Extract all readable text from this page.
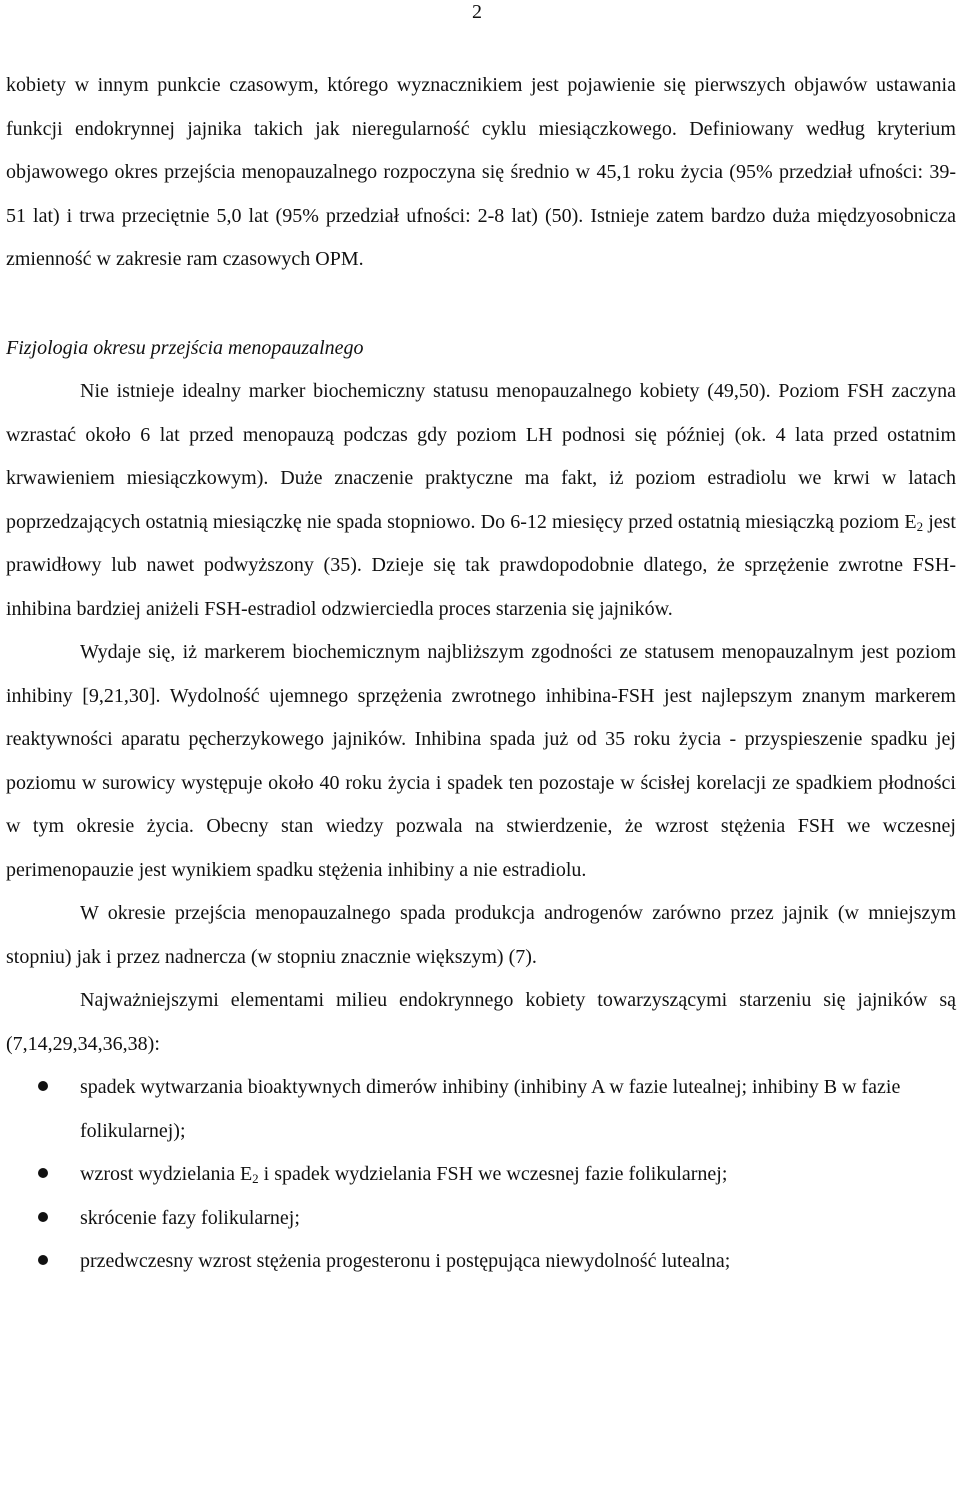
2

kobiety w innym punkcie czasowym, którego wyznacznikiem jest pojawienie się pierwszych objawów ustawania funkcji endokrynnej jajnika takich jak nieregularność cyklu miesiączkowego. Definiowany według kryterium objawowego okres przejścia menopauzalnego rozpoczyna się średnio w 45,1 roku życia (95% przedział ufności: 39-51 lat) i trwa przeciętnie 5,0 lat (95% przedział ufności: 2-8 lat) (50). Istnieje zatem bardzo duża międzyosobnicza zmienność w zakresie ram czasowych OPM.

Fizjologia okresu przejścia menopauzalnego

Nie istnieje idealny marker biochemiczny statusu menopauzalnego kobiety (49,50). Poziom FSH zaczyna wzrastać około 6 lat przed menopauzą podczas gdy poziom LH podnosi się później (ok. 4 lata przed ostatnim krwawieniem miesiączkowym). Duże znaczenie praktyczne ma fakt, iż poziom estradiolu we krwi w latach poprzedzających ostatnią miesiączkę nie spada stopniowo. Do 6-12 miesięcy przed ostatnią miesiączką poziom $E_2$ jest prawidłowy lub nawet podwyższony (35). Dzieje się tak prawdopodobnie dlatego, że sprzężenie zwrotne FSH-inhibina bardziej aniżeli FSH-estradiol odzwierciedla proces starzenia się jajników.

Wydaje się, iż markerem biochemicznym najbliższym zgodności ze statusem menopauzalnym jest poziom inhibiny [9,21,30]. Wydolność ujemnego sprzężenia zwrotnego inhibina-FSH jest najlepszym znanym markerem reaktywności aparatu pęcherzykowego jajników. Inhibina spada już od 35 roku życia - przyspieszenie spadku jej poziomu w surowicy występuje około 40 roku życia i spadek ten pozostaje w ścisłej korelacji ze spadkiem płodności w tym okresie życia. Obecny stan wiedzy pozwala na stwierdzenie, że wzrost stężenia FSH we wczesnej perimenopauzie jest wynikiem spadku stężenia inhibiny a nie estradiolu.

W okresie przejścia menopauzalnego spada produkcja androgenów zarówno przez jajnik (w mniejszym stopniu) jak i przez nadnercza (w stopniu znacznie większym) (7).

Najważniejszymi elementami milieu endokrynnego kobiety towarzyszącymi starzeniu się jajników są (7,14,29,34,36,38):

spadek wytwarzania bioaktywnych dimerów inhibiny (inhibiny A w fazie lutealnej; inhibiny B w fazie folikularnej);
wzrost wydzielania $E_2$ i spadek wydzielania FSH we wczesnej fazie folikularnej;
skrócenie fazy folikularnej;
przedwczesny wzrost stężenia progesteronu i postępująca niewydolność lutealna;
